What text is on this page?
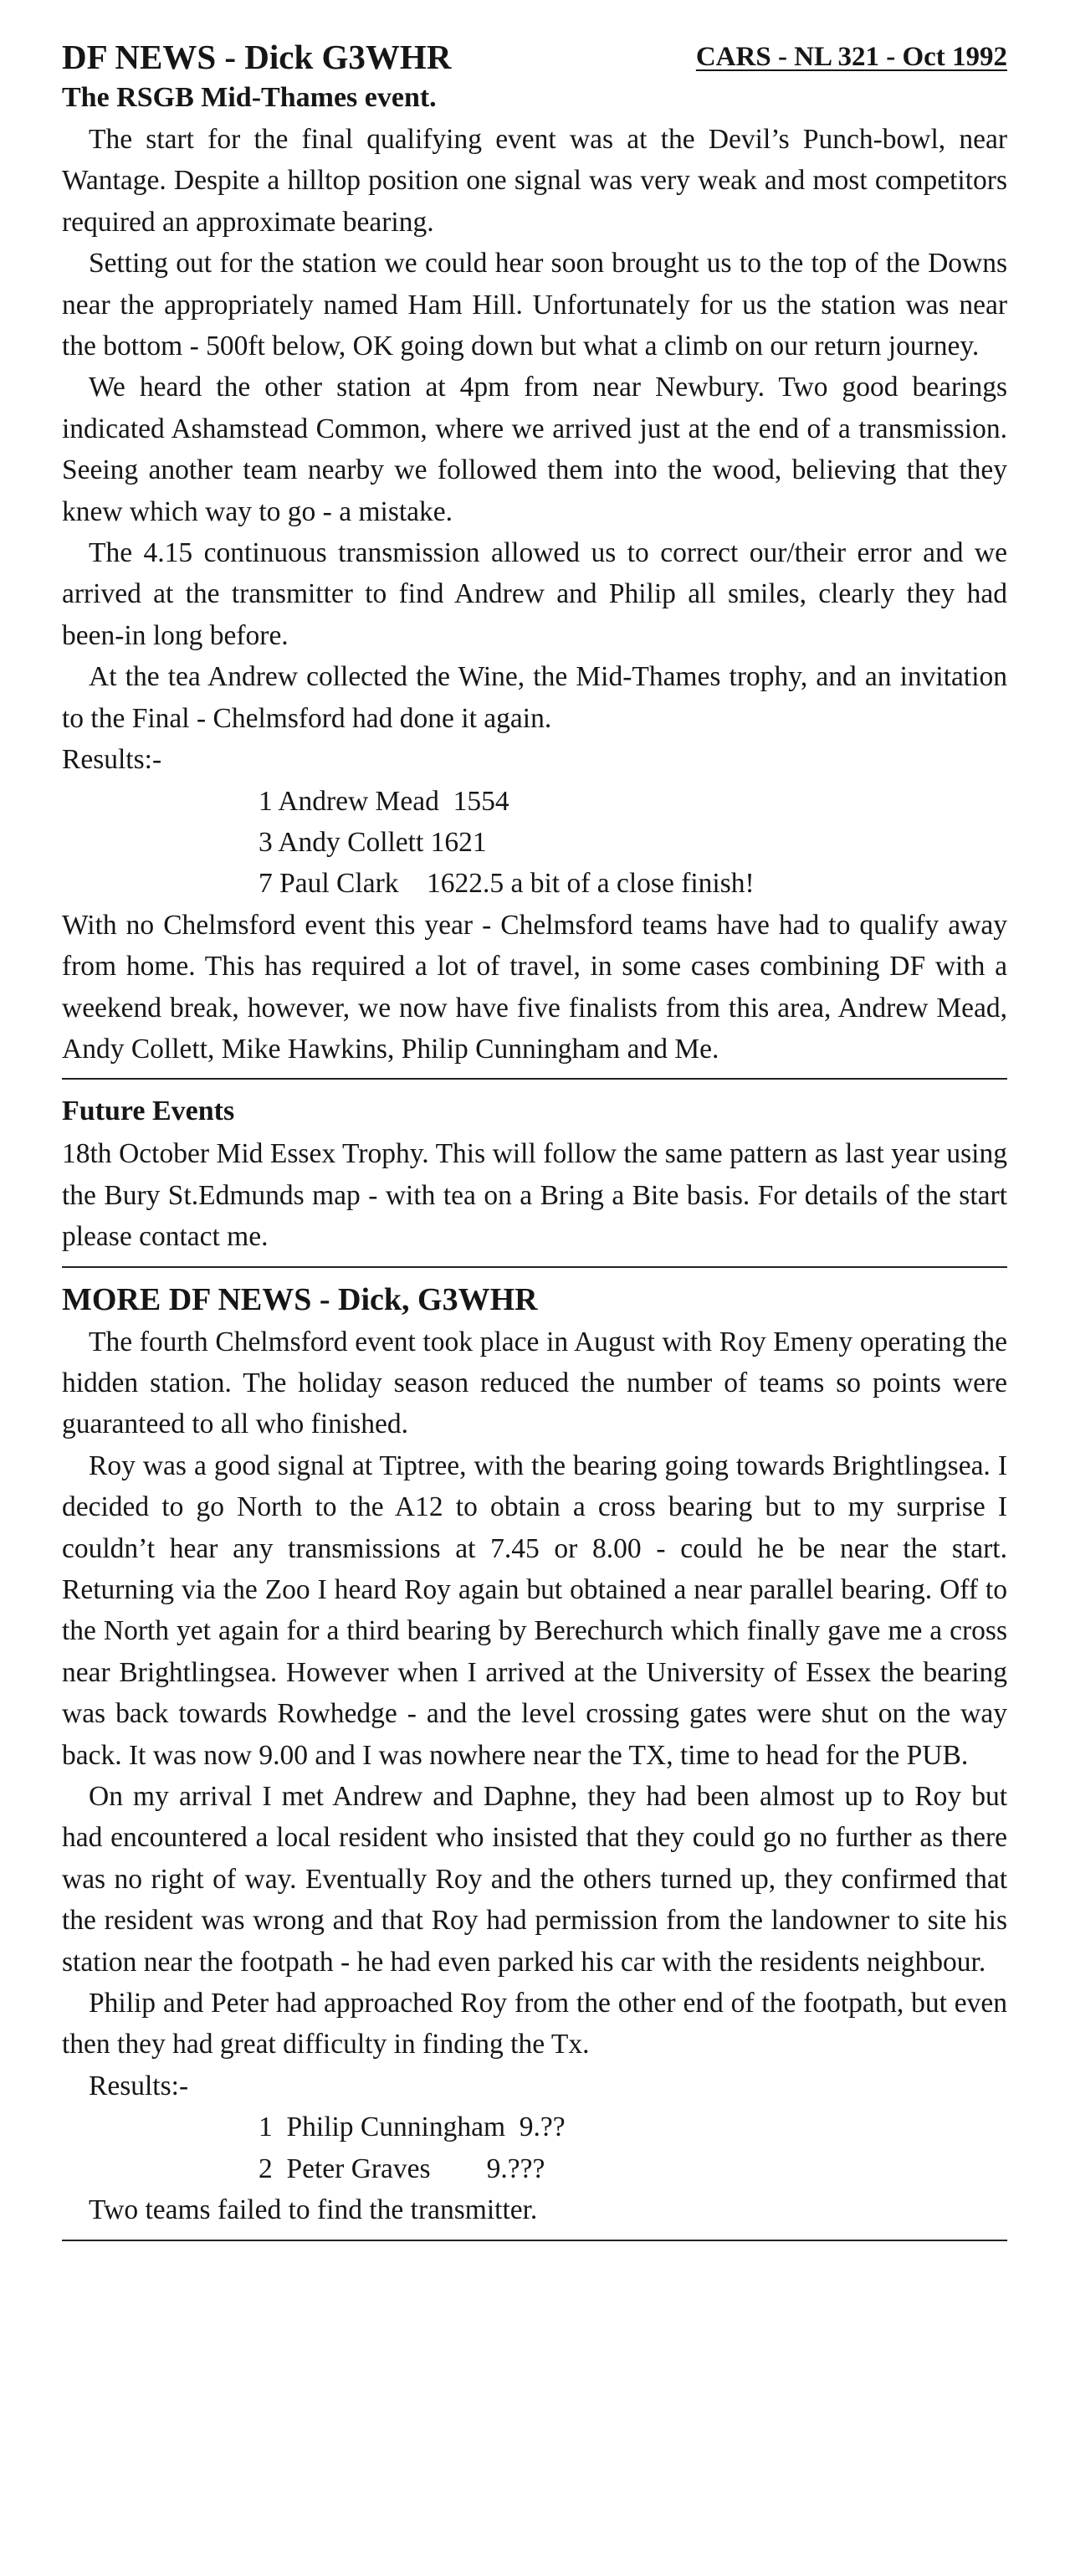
DF NEWS - Dick G3WHR	CARS - NL 321 - Oct 1992
The RSGB Mid-Thames event.

The start for the final qualifying event was at the Devil’s Punch-bowl, near Wantage. Despite a hilltop position one signal was very weak and most competitors required an approximate bearing.

Setting out for the station we could hear soon brought us to the top of the Downs near the appropriately named Ham Hill. Unfortunately for us the station was near the bottom - 500ft below, OK going down but what a climb on our return journey.

We heard the other station at 4pm from near Newbury. Two good bearings indicated Ashamstead Common, where we arrived just at the end of a transmission. Seeing another team nearby we followed them into the wood, believing that they knew which way to go - a mistake.

The 4.15 continuous transmission allowed us to correct our/their error and we arrived at the transmitter to find Andrew and Philip all smiles, clearly they had been-in long before.

At the tea Andrew collected the Wine, the Mid-Thames trophy, and an invitation to the Final - Chelmsford had done it again.

Results:-

1 Andrew Mead  1554
3 Andy Collett 1621
7 Paul Clark    1622.5 a bit of a close finish!

With no Chelmsford event this year - Chelmsford teams have had to qualify away from home. This has required a lot of travel, in some cases combining DF with a weekend break, however, we now have five finalists from this area, Andrew Mead, Andy Collett, Mike Hawkins, Philip Cunningham and Me.

Future Events

18th October Mid Essex Trophy. This will follow the same pattern as last year using the Bury St.Edmunds map - with tea on a Bring a Bite basis. For details of the start please contact me.

MORE DF NEWS - Dick, G3WHR

The fourth Chelmsford event took place in August with Roy Emeny operating the hidden station. The holiday season reduced the number of teams so points were guaranteed to all who finished.

Roy was a good signal at Tiptree, with the bearing going towards Brightlingsea. I decided to go North to the A12 to obtain a cross bearing but to my surprise I couldn’t hear any transmissions at 7.45 or 8.00 - could he be near the start. Returning via the Zoo I heard Roy again but obtained a near parallel bearing. Off to the North yet again for a third bearing by Berechurch which finally gave me a cross near Brightlingsea. However when I arrived at the University of Essex the bearing was back towards Rowhedge - and the level crossing gates were shut on the way back. It was now 9.00 and I was nowhere near the TX, time to head for the PUB.

On my arrival I met Andrew and Daphne, they had been almost up to Roy but had encountered a local resident who insisted that they could go no further as there was no right of way. Eventually Roy and the others turned up, they confirmed that the resident was wrong and that Roy had permission from the landowner to site his station near the footpath - he had even parked his car with the residents neighbour.

Philip and Peter had approached Roy from the other end of the footpath, but even then they had great difficulty in finding the Tx.

Results:-

1  Philip Cunningham  9.??
2  Peter Graves        9.???

Two teams failed to find the transmitter.
